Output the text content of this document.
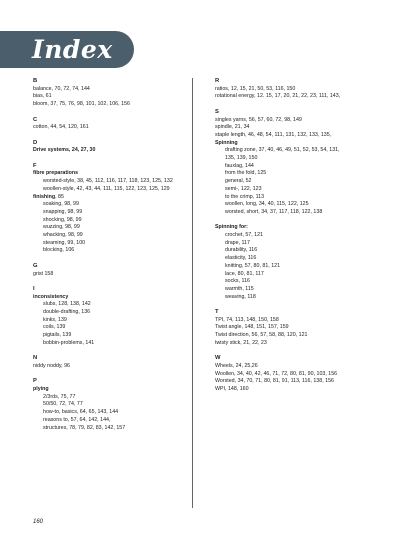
Index
B
balance, 70, 72, 74, 144
bias, 61
bloom, 37, 75, 76, 98, 101, 102, 106, 156
C
cotton, 44, 54, 120, 161
D
Drive systems, 24, 27, 30
F
fibre preparations
worsted-style, 38, 45, 112, 116, 117, 118, 123, 125, 132
woollen-style, 42, 43, 44, 111, 115, 122, 123, 125, 129
finishing, 85
soaking, 98, 99
snapping, 98, 99
shocking, 98, 99
wuzzing, 98, 99
whacking, 98, 99
steaming, 99, 100
blocking, 106
G
grist 158
I
inconsistency
slubs, 128, 138, 142
double-drafting, 136
kinks, 139
coils, 139
pigtails, 139
bobbin-problems, 141
N
niddy noddy, 96
P
plying
2/3rds, 75, 77
50/50, 72, 74, 77
how-to, basics, 64, 65, 143, 144
reasons to, 57, 64, 142, 144,
structures, 78, 79, 82, 83, 142, 157
R
ratios, 12, 15, 21, 50, 53, 116, 150
rotational energy, 12. 15, 17, 20, 21, 22, 23, 111, 143,
S
singles yarns, 56, 57, 60, 72, 98, 149
spindle, 21, 34
staple length, 46, 48, 54, 111, 131, 132, 133, 135,
Spinning
drafting zone, 37, 40, 46, 49, 51, 52, 53, 54, 131,
135, 139, 150
fauxlag, 144
from the fold, 125
general, 52
semi-, 122, 123
to the crimp, 113
woollen, long, 34, 40, 115, 122, 125
worsted, short, 34, 37, 117, 118, 122, 138
Spinning for:
crochet, 57, 121
drape, 117
durability, 116
elasticity, 116
knitting, 57, 80, 81, 121
lace, 80, 81, 117
socks, 116
warmth, 115
weaving, 118
T
TPI, 74, 113, 148, 150, 158
Twist angle, 148, 151, 157, 159
Twist direction, 56, 57, 58, 88, 120, 121
twisty stick, 21, 22, 23
W
Wheels, 24, 25,26
Woollen, 34, 40, 42, 46, 71, 72, 80, 81, 90, 103, 156
Worsted, 34, 70, 71, 80, 81, 91, 113, 116, 138, 156
WPI, 148, 160
160
